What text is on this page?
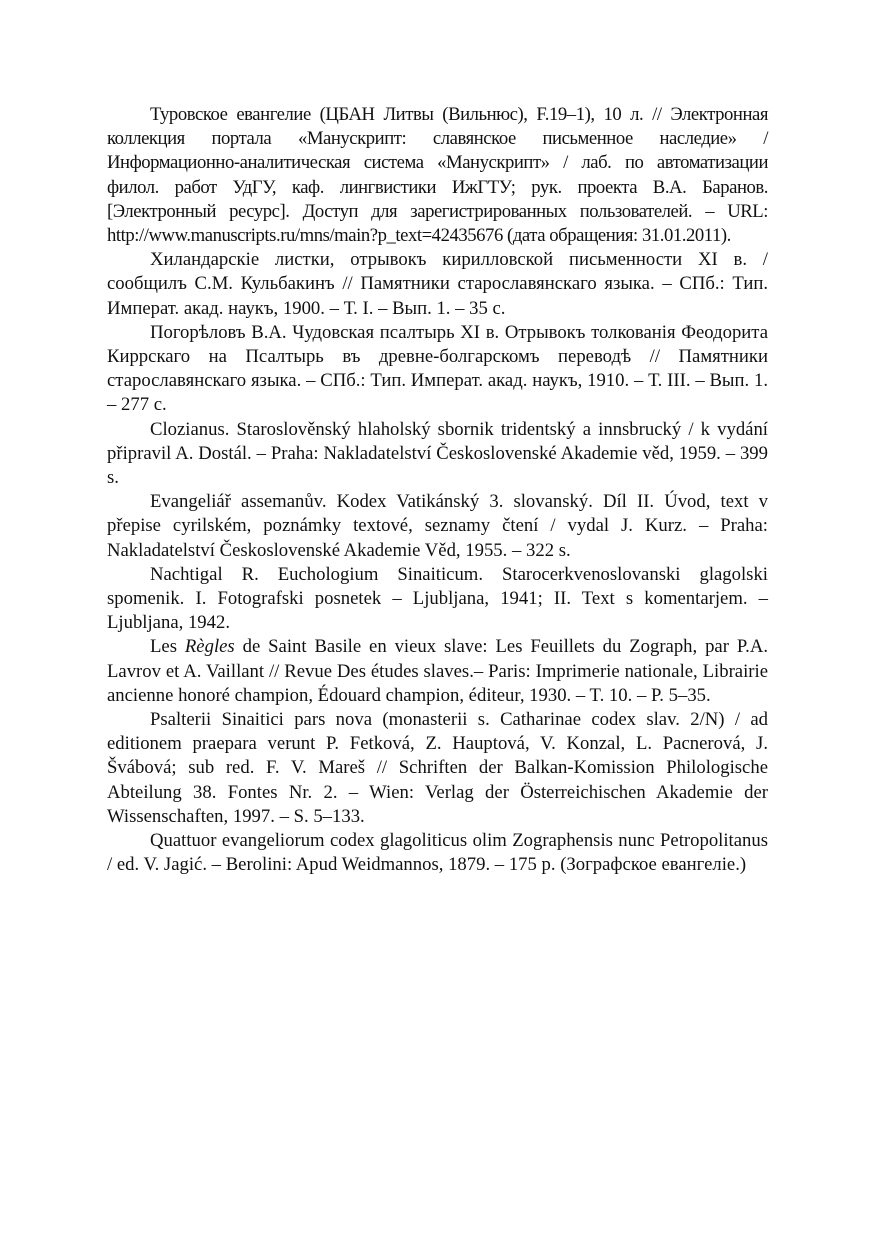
Туровское евангелие (ЦБАН Литвы (Вильнюс), F.19–1), 10 л. // Электронная коллекция портала «Манускрипт: славянское письменное наследие» / Информационно-аналитическая система «Манускрипт» / лаб. по автоматизации филол. работ УдГУ, каф. лингвистики ИжГТУ; рук. проекта В.А. Баранов. [Электронный ресурс]. Доступ для зарегистрированных пользователей. – URL: http://www.manuscripts.ru/mns/main?p_text=42435676 (дата обращения: 31.01.2011).

Хиландарскіе листки, отрывокъ кирилловской письменности XI в. / сообщилъ С.М. Кульбакинъ // Памятники старославянскаго языка. – СПб.: Тип. Императ. акад. наукъ, 1900. – Т. I. – Вып. 1. – 35 с.

Погорѣловъ В.А. Чудовская псалтырь XI в. Отрывокъ толкованія Феодорита Киррскаго на Псалтырь въ древне-болгарскомъ переводѣ // Памятники старославянскаго языка. – СПб.: Тип. Императ. акад. наукъ, 1910. – Т. III. – Вып. 1. – 277 с.

Clozianus. Staroslověnský hlaholský sbornik tridentský a innsbrucký / k vydání připravil A. Dostál. – Praha: Nakladatelství Československé Akademie věd, 1959. – 399 s.

Evangeliář assemanův. Kodex Vatikánský 3. slovanský. Díl II. Úvod, text v přepise cyrilském, poznámky textové, seznamy čtení / vydal J. Kurz. – Praha: Nakladatelství Československé Akademie Věd, 1955. – 322 s.

Nachtigal R. Euchologium Sinaiticum. Starocerkvenoslovanski glagolski spomenik. I. Fotografski posnetek – Ljubljana, 1941; II. Text s komentarjem. – Ljubljana, 1942.

Les Règles de Saint Basile en vieux slave: Les Feuillets du Zograph, par P.A. Lavrov et A. Vaillant // Revue Des études slaves.– Paris: Imprimerie nationale, Librairie ancienne honoré champion, Édouard champion, éditeur, 1930. – T. 10. – P. 5–35.

Psalterii Sinaitici pars nova (monasterii s. Catharinae codex slav. 2/N) / ad editionem praepara verunt P. Fetková, Z. Hauptová, V. Konzal, L. Pacnerová, J. Švábová; sub red. F. V. Mareš // Schriften der Balkan-Komission Philologische Abteilung 38. Fontes Nr. 2. – Wien: Verlag der Österreichischen Akademie der Wissenschaften, 1997. – S. 5–133.

Quattuor evangeliorum codex glagoliticus olim Zographensis nunc Petropolitanus / ed. V. Jagić. – Berolini: Apud Weidmannos, 1879. – 175 p. (Зографское евангеліе.)
